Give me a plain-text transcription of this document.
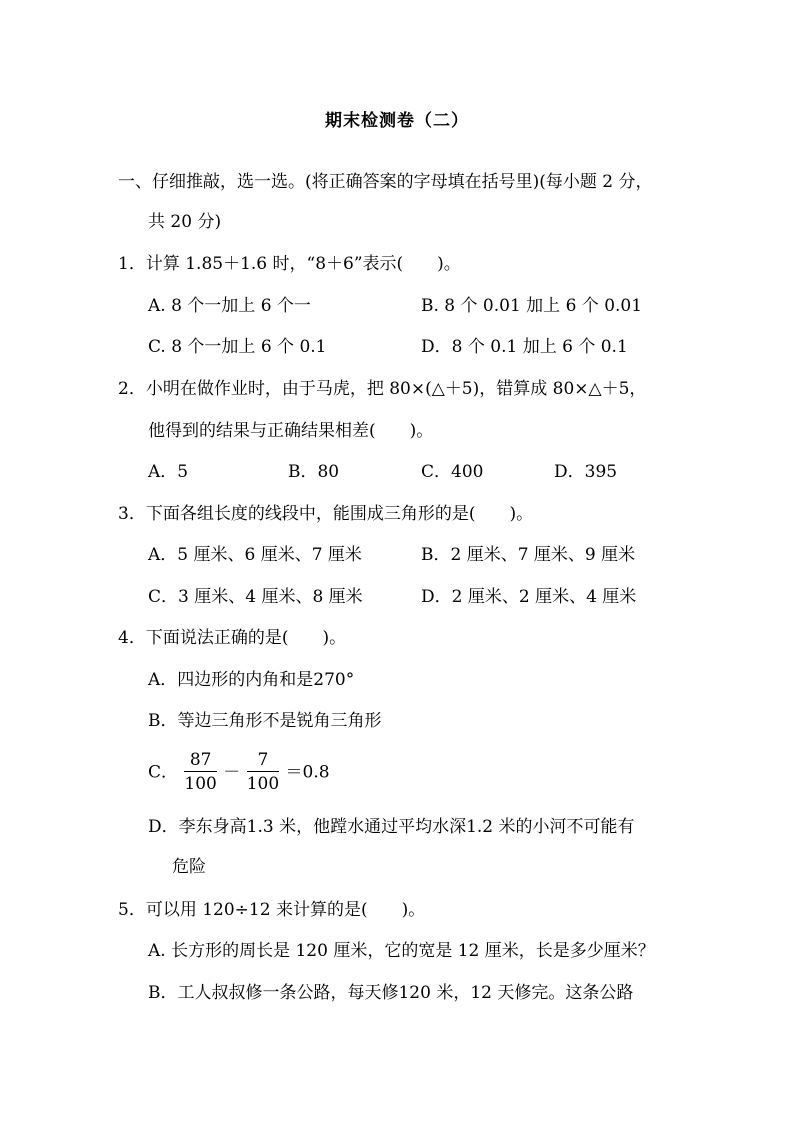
期末检测卷（二）
一、仔细推敲，选一选。(将正确答案的字母填在括号里)(每小题 2 分，
共 20 分)
1．计算 1.85＋1.6 时，“8＋6”表示(　　)。
A. 8 个一加上 6 个一	B. 8 个 0.01 加上 6 个 0.01
C. 8 个一加上 6 个 0.1	D．8 个 0.1 加上 6 个 0.1
2．小明在做作业时，由于马虎，把 80×(△＋5)，错算成 80×△＋5，
他得到的结果与正确结果相差(　　)。
A．5	B．80	C．400	D．395
3．下面各组长度的线段中，能围成三角形的是(　　)。
A．5 厘米、6 厘米、7 厘米	B．2 厘米、7 厘米、9 厘米
C．3 厘米、4 厘米、8 厘米	D．2 厘米、2 厘米、4 厘米
4．下面说法正确的是(　　)。
A．四边形的内角和是270°
B．等边三角形不是锐角三角形
C． $\frac{87}{100} - \frac{7}{100} =0.8$
D．李东身高1.3 米，他蹚水通过平均水深1.2 米的小河不可能有
危险
5．可以用 120÷12 来计算的是(　　)。
A. 长方形的周长是 120 厘米，它的宽是 12 厘米，长是多少厘米？
B．工人叔叔修一条公路，每天修120 米，12 天修完。这条公路
